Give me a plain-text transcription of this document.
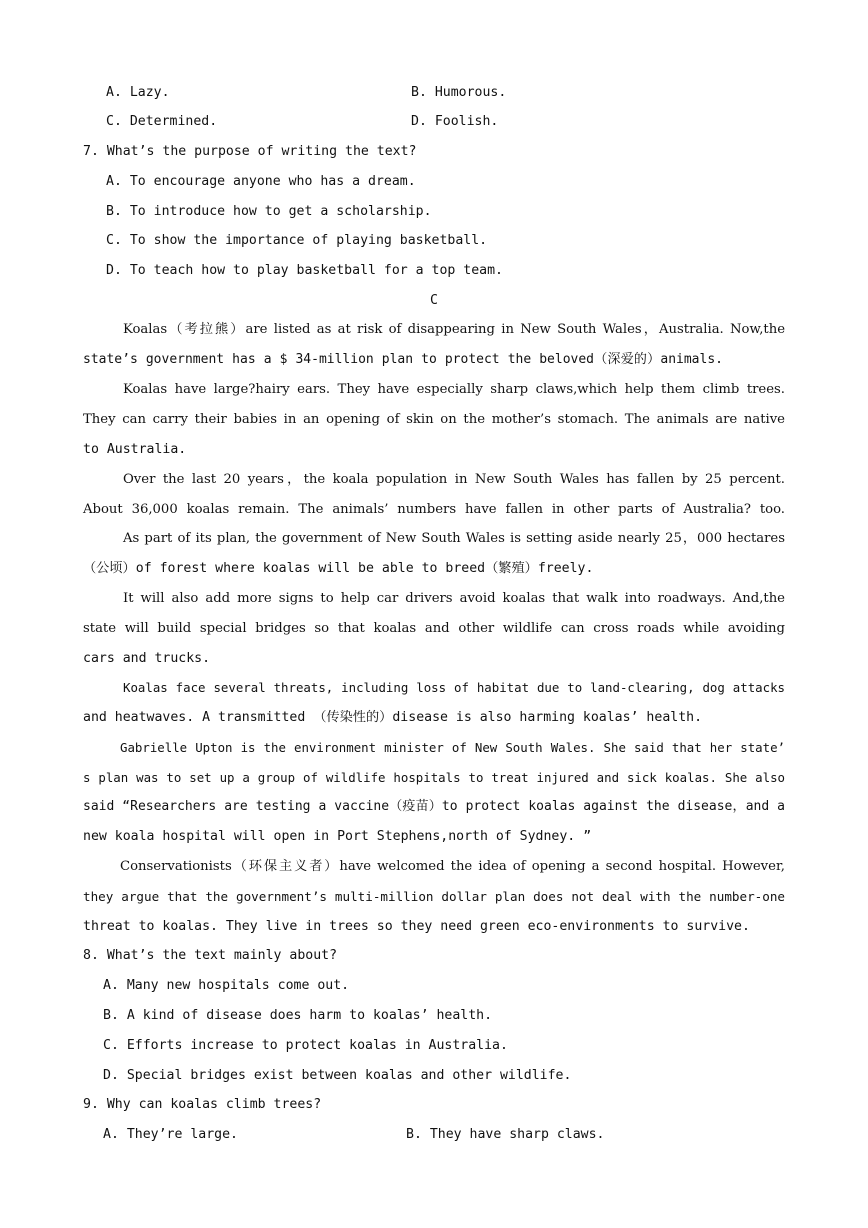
A. Lazy.	B. Humorous.
C. Determined.	D. Foolish.
7. What’s the purpose of writing the text?
A. To encourage anyone who has a dream.
B. To introduce how to get a scholarship.
C. To show the importance of playing basketball.
D. To teach how to play basketball for a top team.
C
Koalas（考拉熊）are listed as at risk of disappearing in New South Wales，Australia. Now,the
state’s government has a $ 34-million plan to protect the beloved（深爱的）animals.
Koalas have large?hairy ears. They have especially sharp claws,which help them climb trees.
They can carry their babies in an opening of skin on the mother’s stomach. The animals are native
to Australia.
Over the last 20 years，the koala population in New South Wales has fallen by 25 percent.
About 36,000 koalas remain. The animals’ numbers have fallen in other parts of Australia? too.
As part of its plan, the government of New South Wales is setting aside nearly 25，000 hectares
（公顷）of forest where koalas will be able to breed（繁殖）freely.
It will also add more signs to help car drivers avoid koalas that walk into roadways. And,the
state will build special bridges so that koalas and other wildlife can cross roads while avoiding
cars and trucks.
Koalas face several threats, including loss of habitat due to land-clearing, dog attacks
and heatwaves. A transmitted （传染性的）disease is also harming koalas’ health.
Gabrielle Upton is the environment minister of New South Wales. She said that her state’
s plan was to set up a group of wildlife hospitals to treat injured and sick koalas. She also
said “Researchers are testing a vaccine（疫苗）to protect koalas against the disease，and a
new koala hospital will open in Port Stephens,north of Sydney. ”
Conservationists（环保主义者）have welcomed the idea of opening a second hospital. However,
they argue that the government’s multi-million dollar plan does not deal with the number-one
threat to koalas. They live in trees so they need green eco-environments to survive.
8. What’s the text mainly about?
A. Many new hospitals come out.
B. A kind of disease does harm to koalas’ health.
C. Efforts increase to protect koalas in Australia.
D. Special bridges exist between koalas and other wildlife.
9. Why can koalas climb trees?
A. They’re large.	B. They have sharp claws.
